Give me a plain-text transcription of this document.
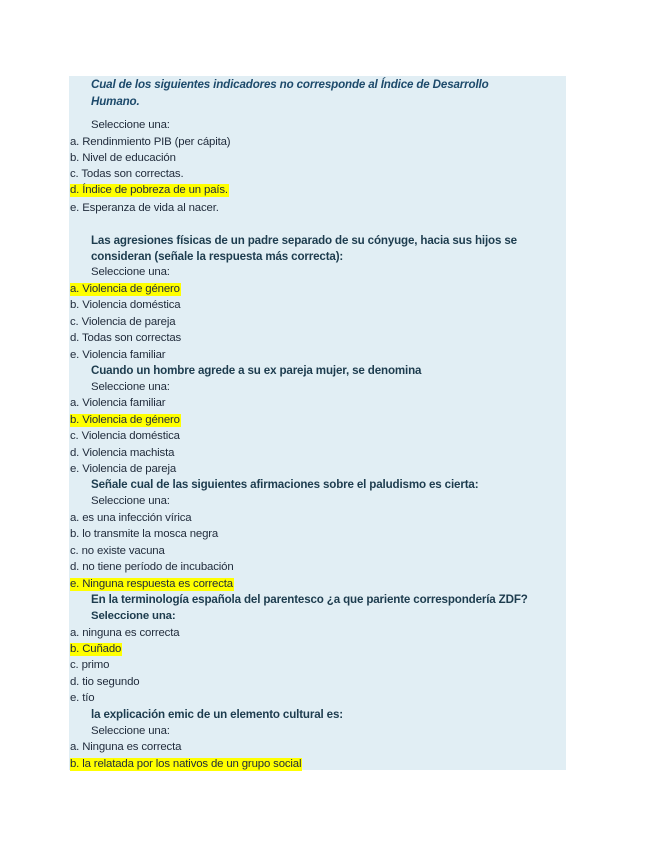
Cual de los siguientes indicadores no corresponde al Índice de Desarrollo
Humano.
Seleccione una:
a. Rendinmiento PIB (per cápita)
b. Nivel de educación
c. Todas son correctas.
d. Índice de pobreza de un país.
e. Esperanza de vida al nacer.
Las agresiones físicas de un padre separado de su cónyuge, hacia sus hijos se
consideran (señale la respuesta más correcta):
Seleccione una:
a. Violencia de género
b. Violencia doméstica
c. Violencia de pareja
d. Todas son correctas
e. Violencia familiar
Cuando un hombre agrede a su ex pareja mujer, se denomina
Seleccione una:
a. Violencia familiar
b. Violencia de género
c. Violencia doméstica
d. Violencia machista
e. Violencia de pareja
Señale cual de las siguientes afirmaciones sobre el paludismo es cierta:
Seleccione una:
a. es una infección vírica
b. lo transmite la mosca negra
c. no existe vacuna
d. no tiene período de incubación
e. Ninguna respuesta es correcta
En la terminología española del parentesco ¿a que pariente correspondería ZDF?
Seleccione una:
a. ninguna es correcta
b. Cuñado
c. primo
d. tio segundo
e. tío
la explicación emic de un elemento cultural es:
Seleccione una:
a. Ninguna es correcta
b. la relatada por los nativos de un grupo social
